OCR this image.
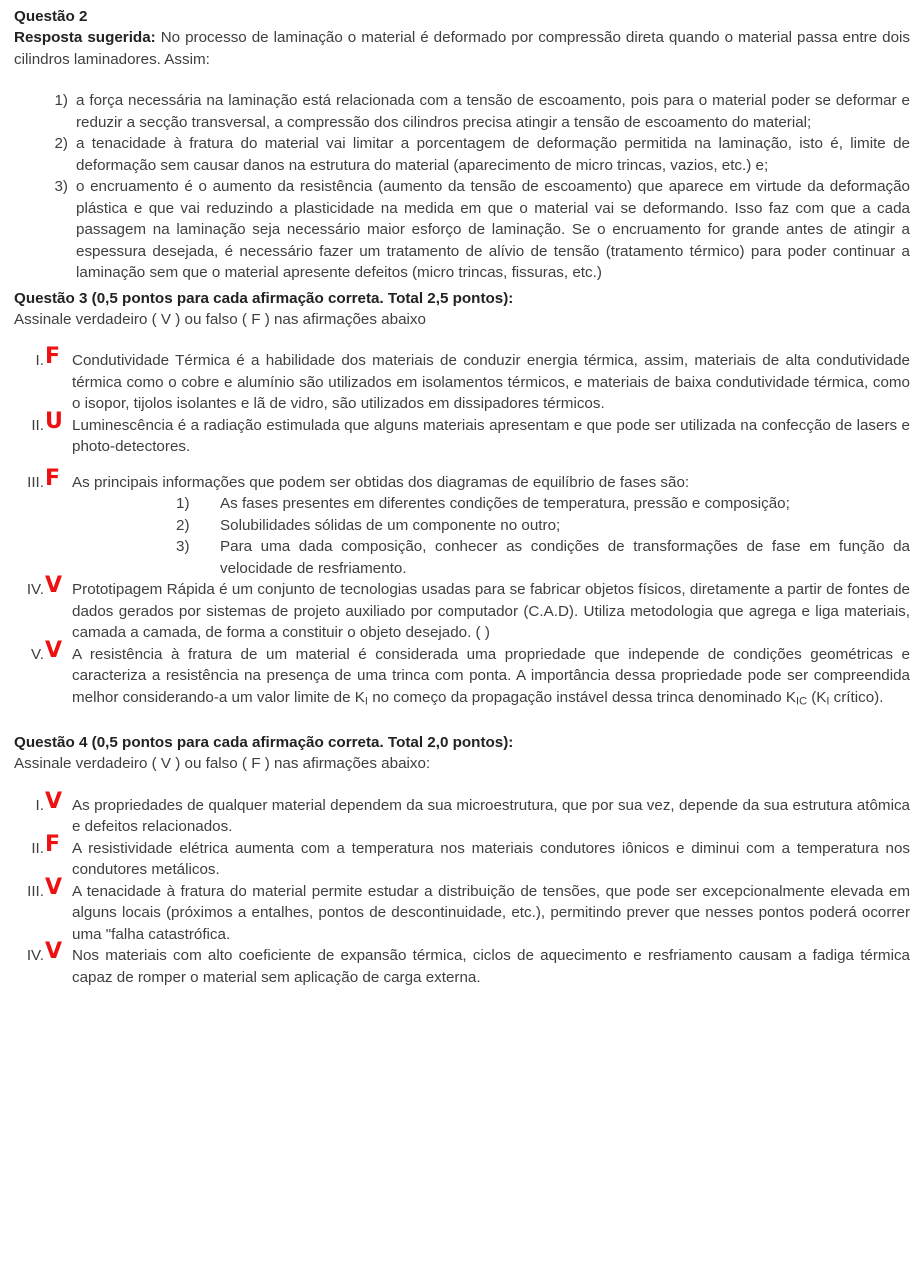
Questão 2

Resposta sugerida: No processo de laminação o material é deformado por compressão direta quando o material passa entre dois cilindros laminadores. Assim:

1) a força necessária na laminação está relacionada com a tensão de escoamento, pois para o material poder se deformar e reduzir a secção transversal, a compressão dos cilindros precisa atingir a tensão de escoamento do material;
2) a tenacidade à fratura do material vai limitar a porcentagem de deformação permitida na laminação, isto é, limite de deformação sem causar danos na estrutura do material (aparecimento de micro trincas, vazios, etc.) e;
3) o encruamento é o aumento da resistência (aumento da tensão de escoamento) que aparece em virtude da deformação plástica e que vai reduzindo a plasticidade na medida em que o material vai se deformando. Isso faz com que a cada passagem na laminação seja necessário maior esforço de laminação. Se o encruamento for grande antes de atingir a espessura desejada, é necessário fazer um tratamento de alívio de tensão (tratamento térmico) para poder continuar a laminação sem que o material apresente defeitos (micro trincas, fissuras, etc.)
Questão 3 (0,5 pontos para cada afirmação correta. Total 2,5 pontos):

Assinale verdadeiro ( V ) ou falso ( F ) nas afirmações abaixo

I. F Condutividade Térmica é a habilidade dos materiais de conduzir energia térmica, assim, materiais de alta condutividade térmica como o cobre e alumínio são utilizados em isolamentos térmicos, e materiais de baixa condutividade térmica, como o isopor, tijolos isolantes e lã de vidro, são utilizados em dissipadores térmicos.
II. U Luminescência é a radiação estimulada que alguns materiais apresentam e que pode ser utilizada na confecção de lasers e photo-detectores.
III. F As principais informações que podem ser obtidas dos diagramas de equilíbrio de fases são:
1)	As fases presentes em diferentes condições de temperatura, pressão e composição;
2)	Solubilidades sólidas de um componente no outro;
3)	Para uma dada composição, conhecer as condições de transformações de fase em função da velocidade de resfriamento.
IV. V Prototipagem Rápida é um conjunto de tecnologias usadas para se fabricar objetos físicos, diretamente a partir de fontes de dados gerados por sistemas de projeto auxiliado por computador (C.A.D). Utiliza metodologia que agrega e liga materiais, camada a camada, de forma a constituir o objeto desejado. ( )
V. V A resistência à fratura de um material é considerada uma propriedade que independe de condições geométricas e caracteriza a resistência na presença de uma trinca com ponta. A importância dessa propriedade pode ser compreendida melhor considerando-a um valor limite de $K_I$ no começo da propagação instável dessa trinca denominado $K_{IC}$ ($K_I$ crítico).
Questão 4 (0,5 pontos para cada afirmação correta. Total 2,0 pontos):

Assinale verdadeiro ( V ) ou falso ( F ) nas afirmações abaixo:

I. V As propriedades de qualquer material dependem da sua microestrutura, que por sua vez, depende da sua estrutura atômica e defeitos relacionados.
II. F A resistividade elétrica aumenta com a temperatura nos materiais condutores iônicos e diminui com a temperatura nos condutores metálicos.
III. V A tenacidade à fratura do material permite estudar a distribuição de tensões, que pode ser excepcionalmente elevada em alguns locais (próximos a entalhes, pontos de descontinuidade, etc.), permitindo prever que nesses pontos poderá ocorrer uma "falha catastrófica.
IV. V Nos materiais com alto coeficiente de expansão térmica, ciclos de aquecimento e resfriamento causam a fadiga térmica capaz de romper o material sem aplicação de carga externa.
